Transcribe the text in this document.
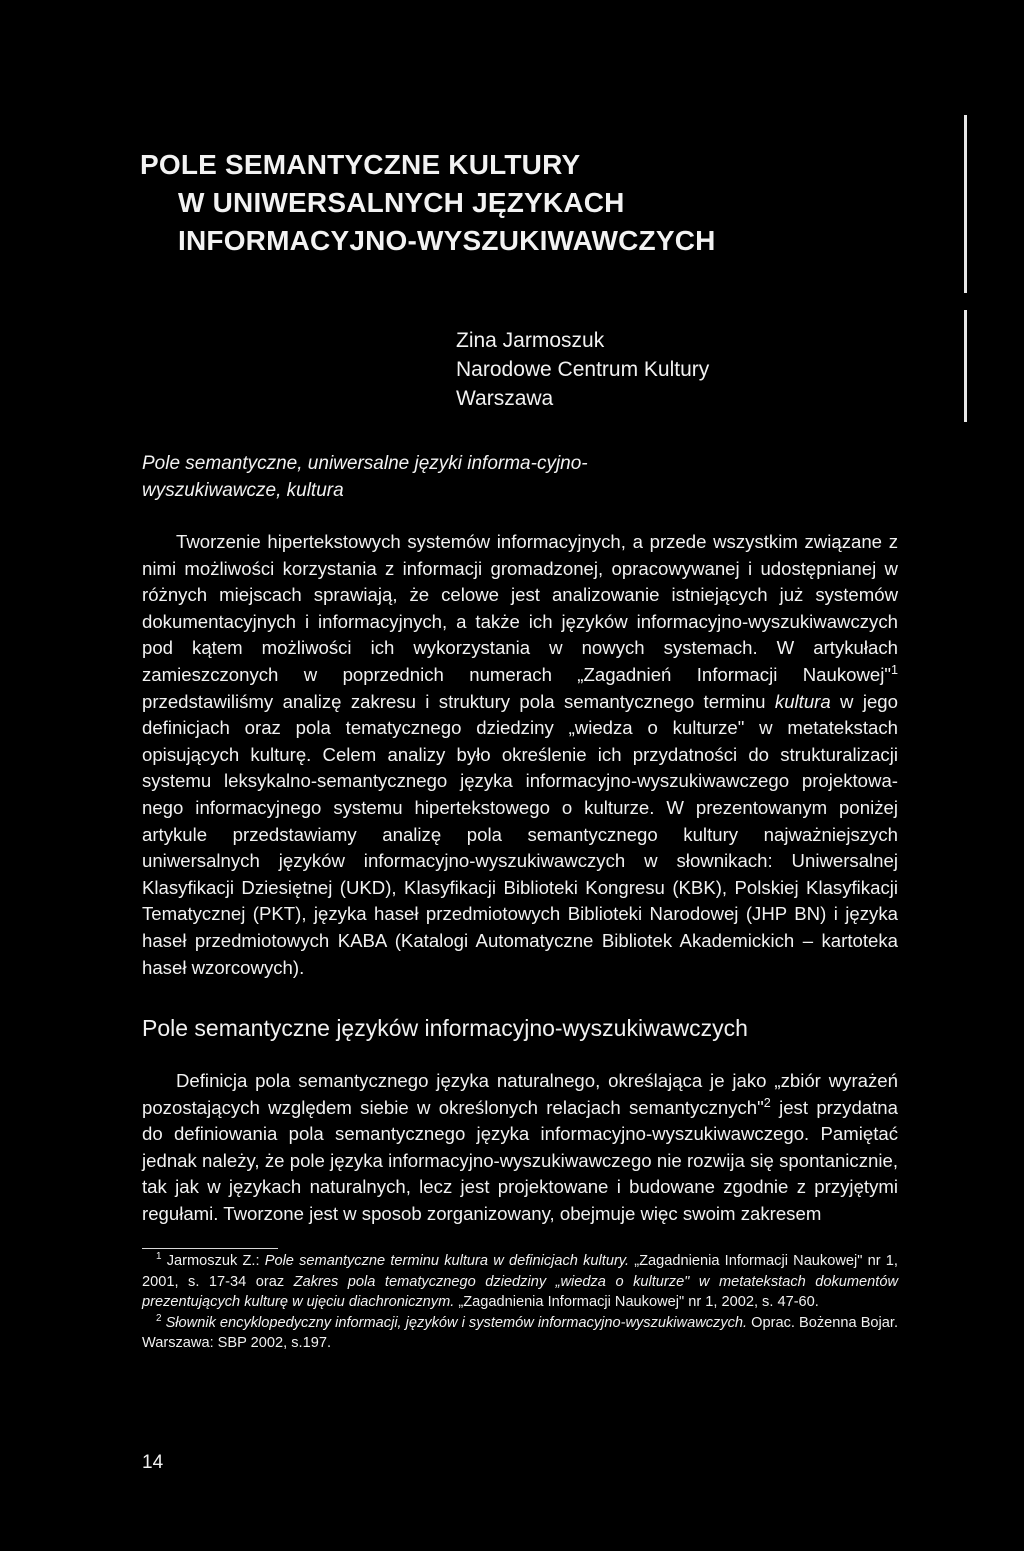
POLE SEMANTYCZNE KULTURY
W UNIWERSALNYCH JĘZYKACH
INFORMACYJNO-WYSZUKIWAWCZYCH
Zina Jarmoszuk
Narodowe Centrum Kultury
Warszawa

Pole semantyczne, uniwersalne języki informa-cyjno-wyszukiwawcze, kultura

Tworzenie hipertekstowych systemów informacyjnych, a przede wszystkim związane z nimi możliwości korzystania z informacji gromadzonej, opracowywanej i udostępnianej w różnych miejscach sprawiają, że celowe jest analizowanie istniejących już systemów dokumentacyjnych i informacyjnych, a także ich języków informacyjno-wyszukiwawczych pod kątem możliwości ich wykorzystania w nowych systemach. W artykułach zamieszczonych w poprzednich numerach „Zagadnień Informacji Naukowej"$^1$ przedstawiliśmy analizę zakresu i struktury pola semantycznego terminu kultura w jego definicjach oraz pola tematycznego dziedziny „wiedza o kulturze" w metatekstach opisujących kulturę. Celem analizy było określenie ich przydatności do strukturalizacji systemu leksykalno-semantycznego języka informacyjno-wyszukiwawczego projektowanego informacyjnego systemu hipertekstowego o kulturze. W prezentowanym poniżej artykule przedstawiamy analizę pola semantycznego kultury najważniejszych uniwersalnych języków informacyjno-wyszukiwawczych w słownikach: Uniwersalnej Klasyfikacji Dziesiętnej (UKD), Klasyfikacji Biblioteki Kongresu (KBK), Polskiej Klasyfikacji Tematycznej (PKT), języka haseł przedmiotowych Biblioteki Narodowej (JHP BN) i języka haseł przedmiotowych KABA (Katalogi Automatyczne Bibliotek Akademickich – kartoteka haseł wzorcowych).

Pole semantyczne języków informacyjno-wyszukiwawczych

Definicja pola semantycznego języka naturalnego, określająca je jako „zbiór wyrażeń pozostających względem siebie w określonych relacjach semantycznych"$^2$ jest przydatna do definiowania pola semantycznego języka informacyjno-wyszukiwawczego. Pamiętać jednak należy, że pole języka informacyjno-wyszukiwawczego nie rozwija się spontanicznie, tak jak w językach naturalnych, lecz jest projektowane i budowane zgodnie z przyjętymi regułami. Tworzone jest w sposob zorganizowany, obejmuje więc swoim zakresem

$^1$ Jarmoszuk Z.: Pole semantyczne terminu kultura w definicjach kultury. „Zagadnienia Informacji Naukowej" nr 1, 2001, s. 17-34 oraz Zakres pola tematycznego dziedziny „wiedza o kulturze" w metatekstach dokumentów prezentujących kulturę w ujęciu diachronicznym. „Zagadnienia Informacji Naukowej" nr 1, 2002, s. 47-60.

$^2$ Słownik encyklopedyczny informacji, języków i systemów informacyjno-wyszukiwawczych. Oprac. Bożenna Bojar. Warszawa: SBP 2002, s.197.

14
